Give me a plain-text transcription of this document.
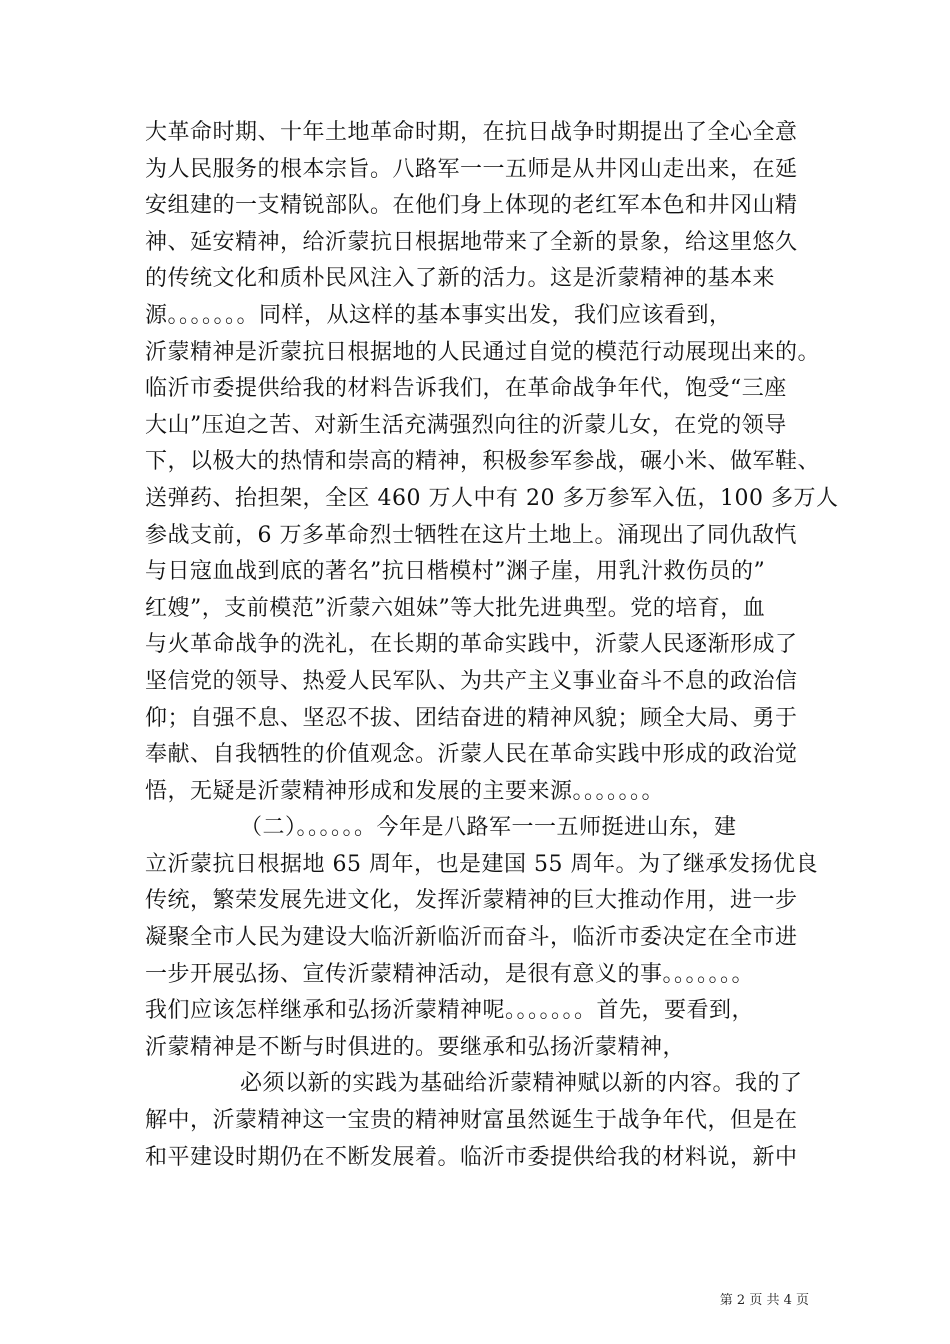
大革命时期、十年土地革命时期，在抗日战争时期提出了全心全意
为人民服务的根本宗旨。八路军一一五师是从井冈山走出来，在延
安组建的一支精锐部队。在他们身上体现的老红军本色和井冈山精
神、延安精神，给沂蒙抗日根据地带来了全新的景象，给这里悠久
的传统文化和质朴民风注入了新的活力。这是沂蒙精神的基本来
源。。。。。。。同样，从这样的基本事实出发，我们应该看到，
沂蒙精神是沂蒙抗日根据地的人民通过自觉的模范行动展现出来的。
临沂市委提供给我的材料告诉我们，在革命战争年代，饱受“三座
大山”压迫之苦、对新生活充满强烈向往的沂蒙儿女，在党的领导
下，以极大的热情和崇高的精神，积极参军参战，碾小米、做军鞋、
送弹药、抬担架，全区 460 万人中有 20 多万参军入伍，100 多万人
参战支前，6 万多革命烈士牺牲在这片土地上。涌现出了同仇敌忾
与日寇血战到底的著名”抗日楷模村”渊子崖，用乳汁救伤员的”
红嫂”，支前模范”沂蒙六姐妹”等大批先进典型。党的培育，血
与火革命战争的洗礼，在长期的革命实践中，沂蒙人民逐渐形成了
坚信党的领导、热爱人民军队、为共产主义事业奋斗不息的政治信
仰；自强不息、坚忍不拔、团结奋进的精神风貌；顾全大局、勇于
奉献、自我牺牲的价值观念。沂蒙人民在革命实践中形成的政治觉
悟，无疑是沂蒙精神形成和发展的主要来源。。。。。。。
（二）。。。。。。今年是八路军一一五师挺进山东，建
立沂蒙抗日根据地 65 周年，也是建国 55 周年。为了继承发扬优良
传统，繁荣发展先进文化，发挥沂蒙精神的巨大推动作用，进一步
凝聚全市人民为建设大临沂新临沂而奋斗，临沂市委决定在全市进
一步开展弘扬、宣传沂蒙精神活动，是很有意义的事。。。。。。。
我们应该怎样继承和弘扬沂蒙精神呢。。。。。。。首先，要看到，
沂蒙精神是不断与时俱进的。要继承和弘扬沂蒙精神，
必须以新的实践为基础给沂蒙精神赋以新的内容。我的了
解中，沂蒙精神这一宝贵的精神财富虽然诞生于战争年代，但是在
和平建设时期仍在不断发展着。临沂市委提供给我的材料说，新中
第 2 页 共 4 页
